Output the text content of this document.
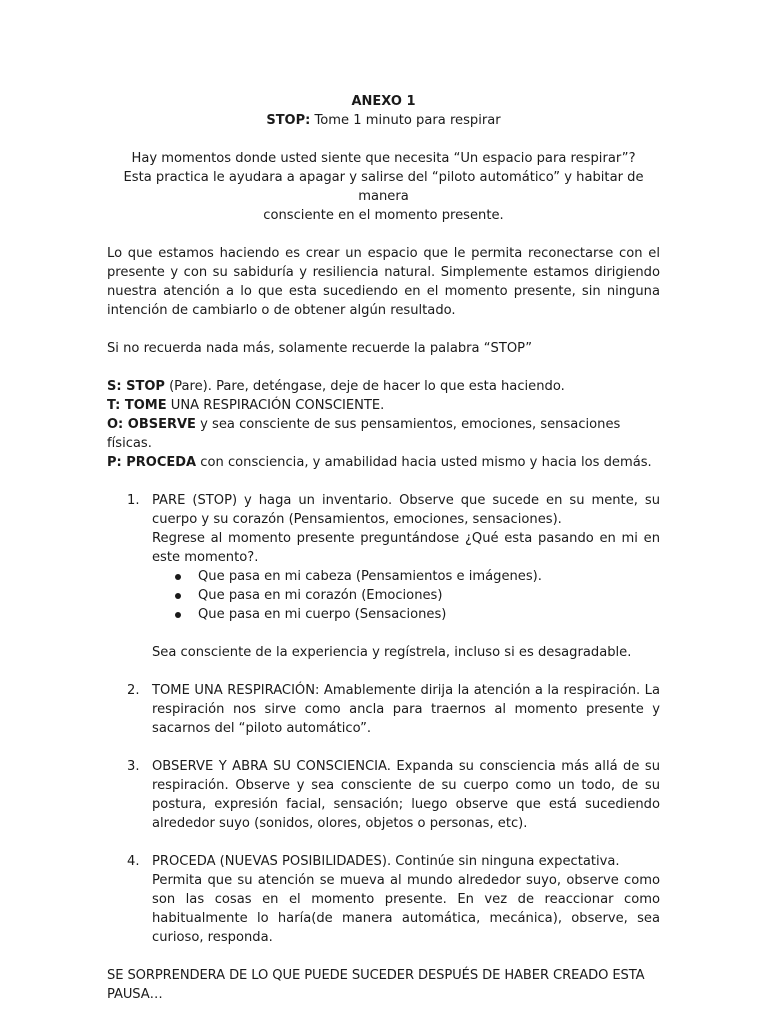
ANEXO 1

STOP: Tome 1 minuto para respirar

Hay momentos donde usted siente que necesita “Un espacio para respirar”?

Esta practica le ayudara a apagar y salirse del “piloto automático” y habitar de manera

consciente en el momento presente.

Lo que estamos haciendo es crear un espacio que le permita reconectarse con el presente y con su sabiduría y resiliencia natural. Simplemente estamos dirigiendo nuestra atención a lo que esta sucediendo en el momento presente, sin ninguna intención de cambiarlo o de obtener algún resultado.

Si no recuerda nada más, solamente recuerde la palabra “STOP”

S: STOP (Pare). Pare, deténgase, deje de hacer lo que esta haciendo.

T: TOME UNA RESPIRACIÓN CONSCIENTE.

O: OBSERVE y sea consciente de sus pensamientos, emociones, sensaciones físicas.

P: PROCEDA con consciencia, y amabilidad hacia usted mismo y hacia los demás.

1. PARE (STOP) y haga un inventario. Observe que sucede en su mente, su cuerpo y su corazón (Pensamientos, emociones, sensaciones).

Regrese al momento presente preguntándose ¿Qué esta pasando en mi en este momento?.

Que pasa en mi cabeza (Pensamientos e imágenes).
Que pasa en mi corazón (Emociones)
Que pasa en mi cuerpo (Sensaciones)

Sea consciente de la experiencia y regístrela, incluso si es desagradable.

2. TOME UNA RESPIRACIÓN: Amablemente dirija la atención a la respiración. La respiración nos sirve como ancla para traernos al momento presente y sacarnos del “piloto automático”.

3. OBSERVE Y ABRA SU CONSCIENCIA. Expanda su consciencia más allá de su respiración. Observe y sea consciente de su cuerpo como un todo, de su postura, expresión facial, sensación; luego observe que está sucediendo alrededor suyo (sonidos, olores, objetos o personas, etc).

4. PROCEDA (NUEVAS POSIBILIDADES). Continúe sin ninguna expectativa.

Permita que su atención se mueva al mundo alrededor suyo, observe como son las cosas en el momento presente. En vez de reaccionar como habitualmente lo haría(de manera automática, mecánica), observe, sea curioso, responda.

SE SORPRENDERA DE LO QUE PUEDE SUCEDER DESPUÉS DE HABER CREADO ESTA PAUSA…
